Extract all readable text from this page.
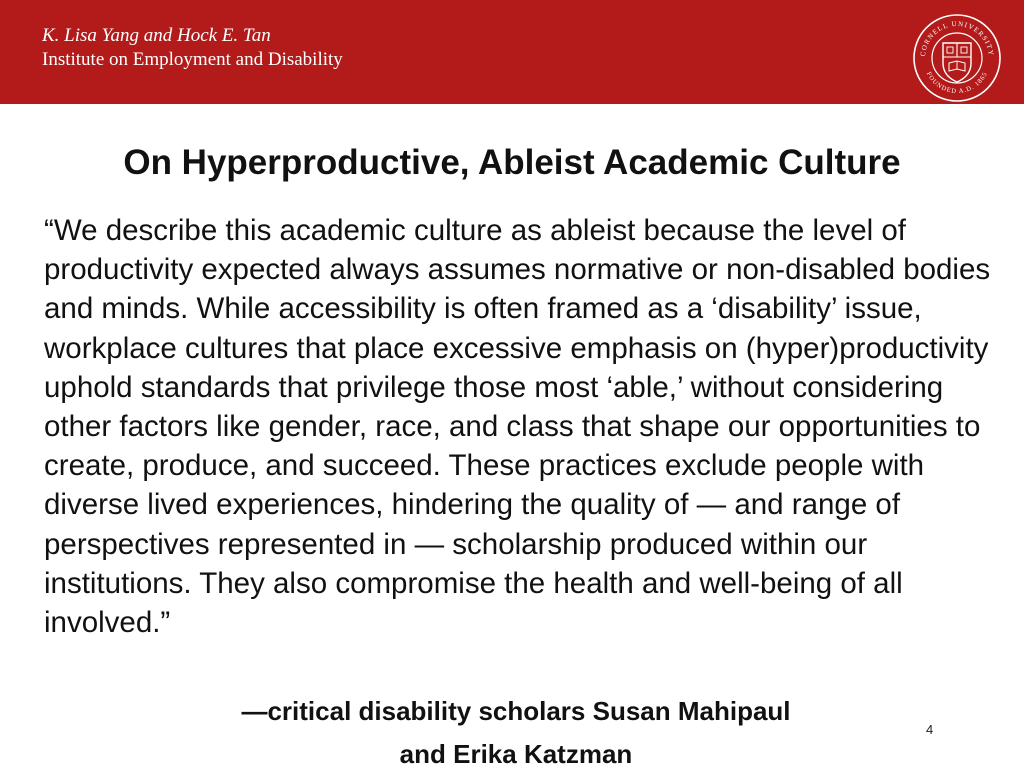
K. Lisa Yang and Hock E. Tan
Institute on Employment and Disability	CORNELL UNIVERSITY
FOUNDED A.D. 1865
On Hyperproductive, Ableist Academic Culture

“We describe this academic culture as ableist because the level of productivity expected always assumes normative or non-disabled bodies and minds. While accessibility is often framed as a ‘disability’ issue, workplace cultures that place excessive emphasis on (hyper)productivity uphold standards that privilege those most ‘able,’ without considering other factors like gender, race, and class that shape our opportunities to create, produce, and succeed. These practices exclude people with diverse lived experiences, hindering the quality of — and range of perspectives represented in — scholarship produced within our institutions. They also compromise the health and well-being of all involved.”

—critical disability scholars Susan Mahipaul
and Erika Katzman
4
